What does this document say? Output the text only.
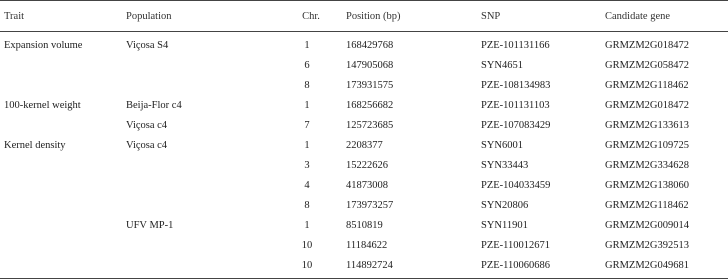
Trait	Population	Chr.	Position (bp)	SNP	Candidate gene
Expansion volume	Viçosa S4	1	168429768	PZE-101131166	GRMZM2G018472
		6	147905068	SYN4651	GRMZM2G058472
		8	173931575	PZE-108134983	GRMZM2G118462
100-kernel weight	Beija-Flor c4	1	168256682	PZE-101131103	GRMZM2G018472
	Viçosa c4	7	125723685	PZE-107083429	GRMZM2G133613
Kernel density	Viçosa c4	1	2208377	SYN6001	GRMZM2G109725
		3	15222626	SYN33443	GRMZM2G334628
		4	41873008	PZE-104033459	GRMZM2G138060
		8	173973257	SYN20806	GRMZM2G118462
	UFV MP-1	1	8510819	SYN11901	GRMZM2G009014
		10	11184622	PZE-110012671	GRMZM2G392513
		10	114892724	PZE-110060686	GRMZM2G049681
